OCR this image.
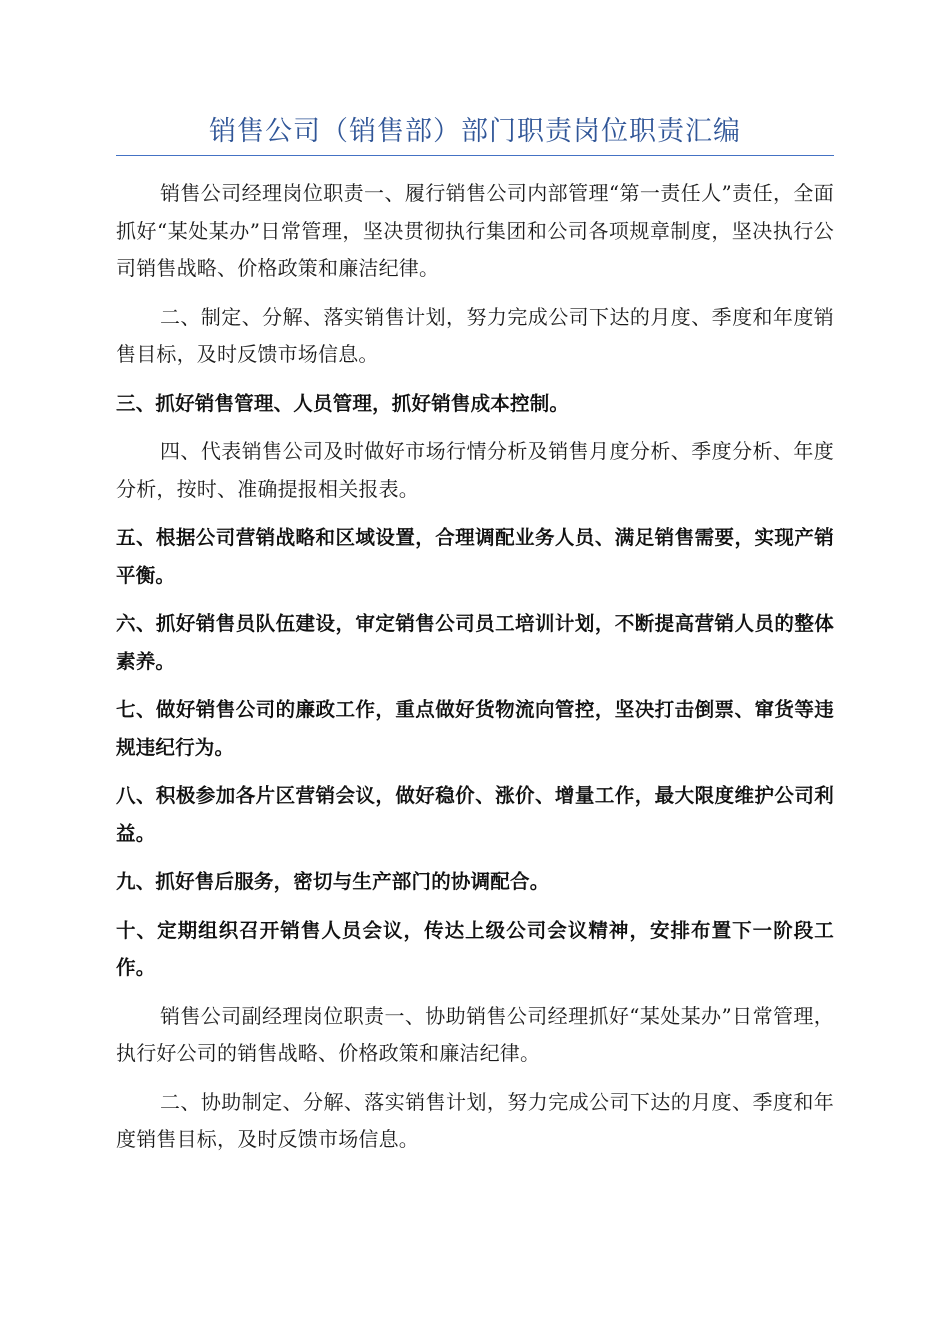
销售公司（销售部）部门职责岗位职责汇编

销售公司经理岗位职责一、履行销售公司内部管理“第一责任人”责任，全面抓好“某处某办”日常管理，坚决贯彻执行集团和公司各项规章制度，坚决执行公司销售战略、价格政策和廉洁纪律。

二、制定、分解、落实销售计划，努力完成公司下达的月度、季度和年度销售目标，及时反馈市场信息。

三、抓好销售管理、人员管理，抓好销售成本控制。

四、代表销售公司及时做好市场行情分析及销售月度分析、季度分析、年度分析，按时、准确提报相关报表。

五、根据公司营销战略和区域设置，合理调配业务人员、满足销售需要，实现产销平衡。

六、抓好销售员队伍建设，审定销售公司员工培训计划，不断提高营销人员的整体素养。

七、做好销售公司的廉政工作，重点做好货物流向管控，坚决打击倒票、窜货等违规违纪行为。

八、积极参加各片区营销会议，做好稳价、涨价、增量工作，最大限度维护公司利益。

九、抓好售后服务，密切与生产部门的协调配合。

十、定期组织召开销售人员会议，传达上级公司会议精神，安排布置下一阶段工作。

销售公司副经理岗位职责一、协助销售公司经理抓好“某处某办”日常管理，执行好公司的销售战略、价格政策和廉洁纪律。

二、协助制定、分解、落实销售计划，努力完成公司下达的月度、季度和年度销售目标，及时反馈市场信息。
